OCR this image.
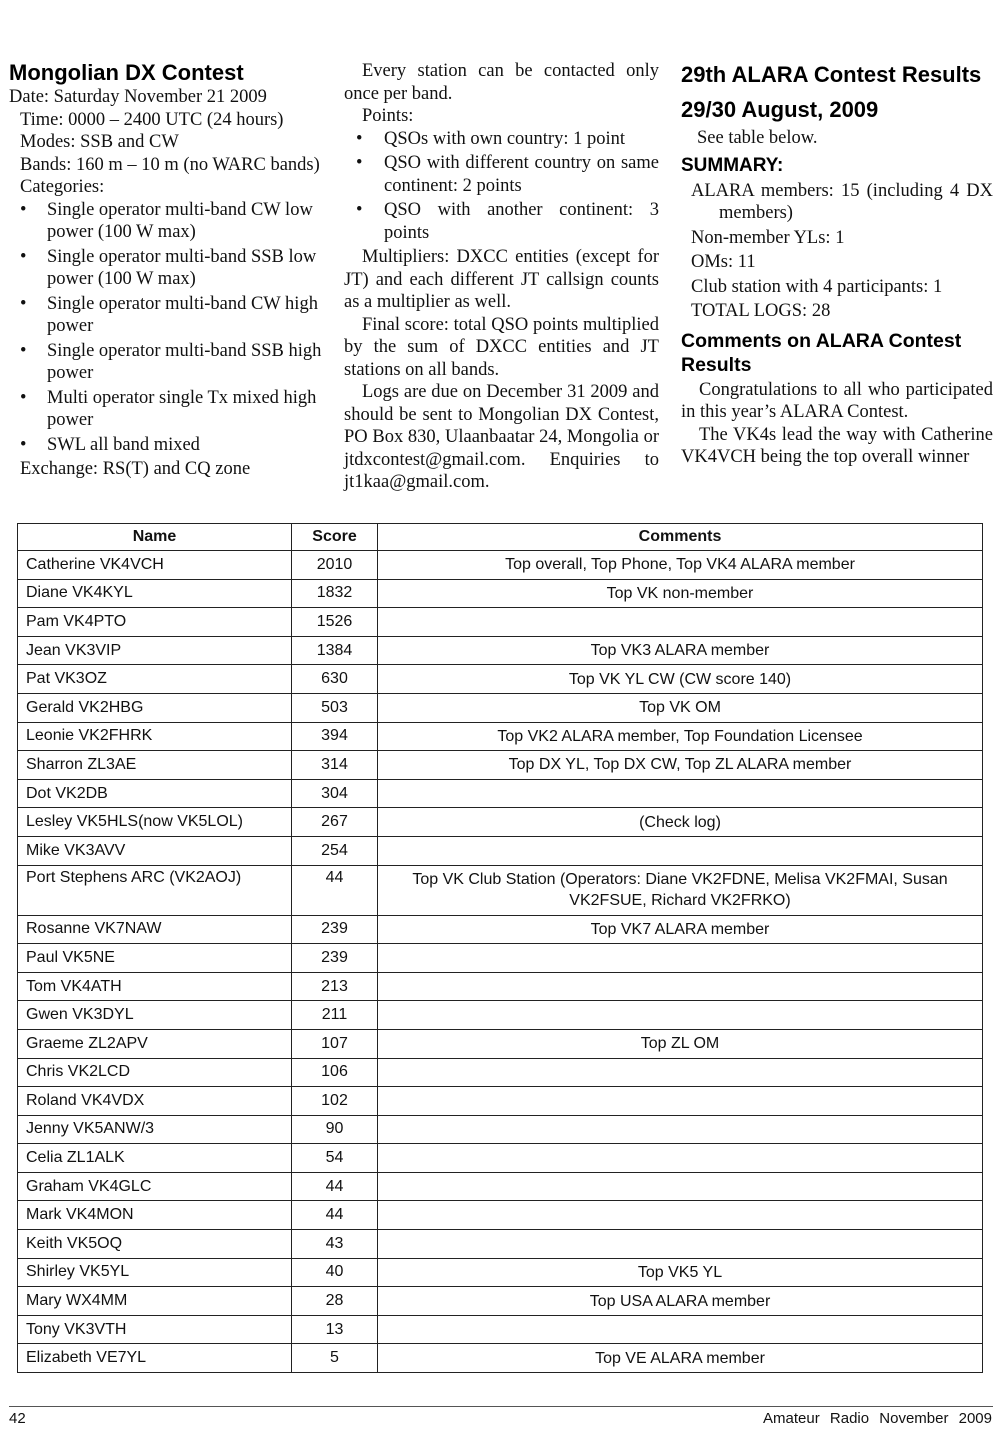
Mongolian DX Contest

Date: Saturday November 21 2009

Time: 0000 – 2400 UTC (24 hours)

Modes: SSB and CW

Bands: 160 m – 10 m (no WARC bands)

Categories:

• Single operator multi-band CW low power (100 W max)
• Single operator multi-band SSB low power (100 W max)
• Single operator multi-band CW high power
• Single operator multi-band SSB high power
• Multi operator single Tx mixed high power
• SWL all band mixed

Exchange: RS(T) and CQ zone

Every station can be contacted only once per band.

Points:

• QSOs with own country: 1 point
• QSO with different country on same continent: 2 points
• QSO with another continent: 3 points

Multipliers: DXCC entities (except for JT) and each different JT callsign counts as a multiplier as well.

Final score: total QSO points multiplied by the sum of DXCC entities and JT stations on all bands.

Logs are due on December 31 2009 and should be sent to Mongolian DX Contest, PO Box 830, Ulaanbaatar 24, Mongolia or jtdxcontest@gmail.com. Enquiries to jt1kaa@gmail.com.

29th ALARA Contest Results
29/30 August, 2009

See table below.

SUMMARY:

ALARA members: 15 (including 4 DX members)

Non-member YLs: 1

OMs: 11

Club station with 4 participants: 1

TOTAL LOGS: 28

Comments on ALARA Contest Results

Congratulations to all who participated in this year’s ALARA Contest.

The VK4s lead the way with Catherine VK4VCH being the top overall winner

Name	Score	Comments
Catherine VK4VCH	2010	Top overall, Top Phone, Top VK4 ALARA member
Diane VK4KYL	1832	Top VK non-member
Pam VK4PTO	1526	
Jean VK3VIP	1384	Top VK3 ALARA member
Pat VK3OZ	630	Top VK YL CW (CW score 140)
Gerald VK2HBG	503	Top VK OM
Leonie VK2FHRK	394	Top VK2 ALARA member, Top Foundation Licensee
Sharron ZL3AE	314	Top DX YL, Top DX CW, Top ZL ALARA member
Dot VK2DB	304	
Lesley VK5HLS(now VK5LOL)	267	(Check log)
Mike VK3AVV	254	
Port Stephens ARC (VK2AOJ)	44	Top VK Club Station (Operators: Diane VK2FDNE, Melisa VK2FMAI, Susan VK2FSUE, Richard VK2FRKO)
Rosanne VK7NAW	239	Top VK7 ALARA member
Paul VK5NE	239	
Tom VK4ATH	213	
Gwen VK3DYL	211	
Graeme ZL2APV	107	Top ZL OM
Chris VK2LCD	106	
Roland VK4VDX	102	
Jenny VK5ANW/3	90	
Celia ZL1ALK	54	
Graham VK4GLC	44	
Mark VK4MON	44	
Keith VK5OQ	43	
Shirley VK5YL	40	Top VK5 YL
Mary WX4MM	28	Top USA ALARA member
Tony VK3VTH	13	
Elizabeth VE7YL	5	Top VE ALARA member
42	Amateur Radio November 2009
